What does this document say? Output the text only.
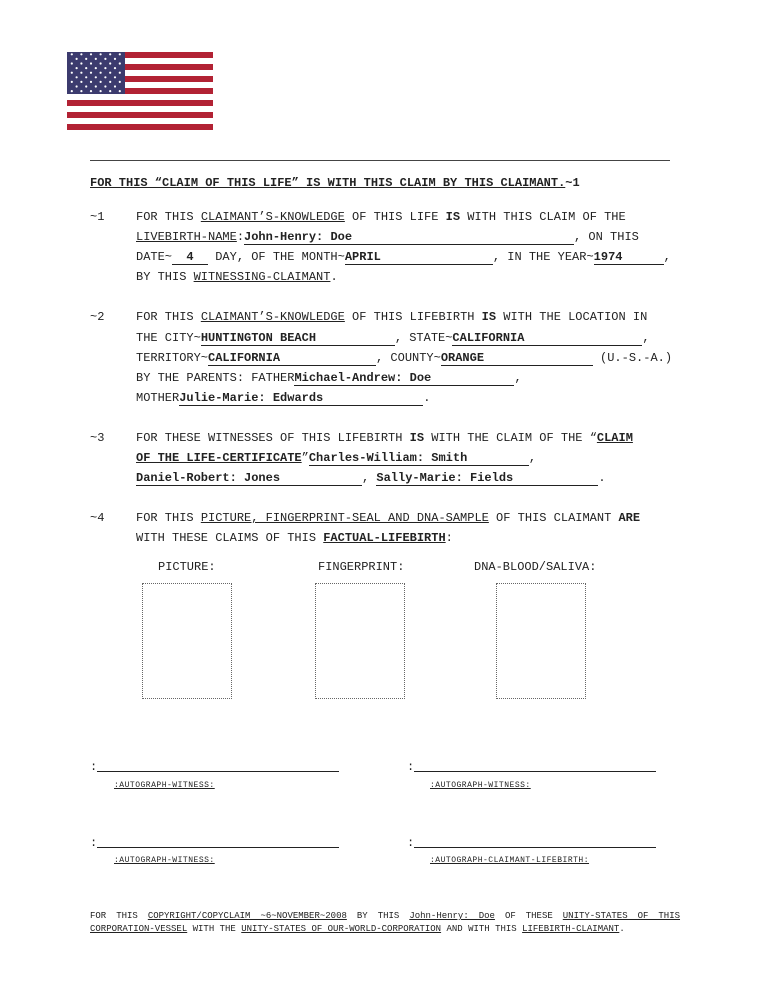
FOR THIS “CLAIM OF THIS LIFE” IS WITH THIS CLAIM BY THIS CLAIMANT.~1
~1	FOR THIS CLAIMANT’S-KNOWLEDGE OF THIS LIFE IS WITH THIS CLAIM OF THE
LIVEBIRTH-NAME:John-Henry: Doe	, ON THIS
DATE~ 4 DAY, OF THE MONTH~APRIL	, IN THE YEAR~1974	,
BY THIS WITNESSING-CLAIMANT.
~2	FOR THIS CLAIMANT’S-KNOWLEDGE OF THIS LIFEBIRTH IS WITH THE LOCATION IN
THE CITY~HUNTINGTON BEACH	, STATE~CALIFORNIA	,
TERRITORY~CALIFORNIA	, COUNTY~ORANGE	(U.-S.-A.)
BY THE PARENTS: FATHERMichael-Andrew: Doe	,
MOTHERJulie-Marie: Edwards	.
~3	FOR THESE WITNESSES OF THIS LIFEBIRTH IS WITH THE CLAIM OF THE “CLAIM
OF THE LIFE-CERTIFICATE”Charles-William: Smith	,
Daniel-Robert: Jones	, Sally-Marie: Fields	.
~4	FOR THIS PICTURE, FINGERPRINT-SEAL AND DNA-SAMPLE OF THIS CLAIMANT ARE
WITH THESE CLAIMS OF THIS FACTUAL-LIFEBIRTH:
PICTURE:	FINGERPRINT:	DNA-BLOOD/SALIVA:
:
:AUTOGRAPH-WITNESS:
:
:AUTOGRAPH-WITNESS:
:
:AUTOGRAPH-WITNESS:
:
:AUTOGRAPH-CLAIMANT-LIFEBIRTH:
FOR THIS COPYRIGHT/COPYCLAIM ~6~NOVEMBER~2008 BY THIS John-Henry: Doe OF THESE UNITY-STATES OF THIS CORPORATION-VESSEL WITH THE UNITY-STATES OF OUR-WORLD-CORPORATION AND WITH THIS LIFEBIRTH-CLAIMANT.
